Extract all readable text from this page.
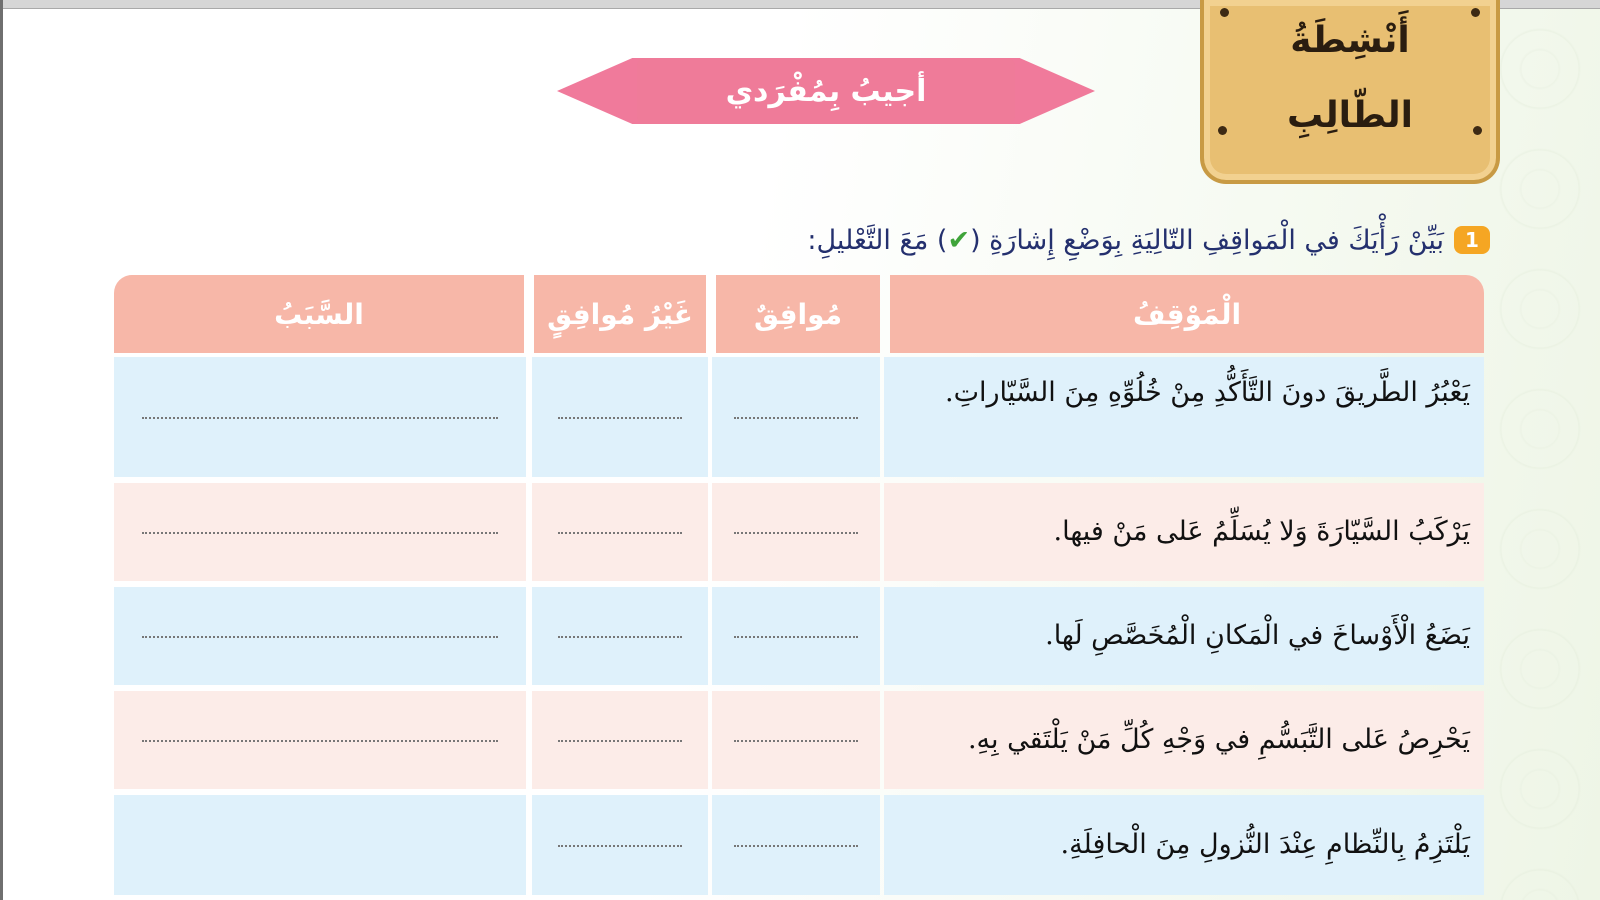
أجيبُ بِمُفْرَدي
أَنْشِطَةُ
الطّالِبِ
1
بَيِّنْ رَأْيَكَ في الْمَواقِفِ التّالِيَةِ بِوَضْعِ إِشارَةِ (✔) مَعَ التَّعْليلِ:
الْمَوْقِفُ
مُوافِقٌ
غَيْرُ مُوافِقٍ
السَّبَبُ
يَعْبُرُ الطَّريقَ دونَ التَّأَكُّدِ مِنْ خُلُوِّهِ مِنَ السَّيّاراتِ.
يَرْكَبُ السَّيّارَةَ وَلا يُسَلِّمُ عَلى مَنْ فيها.
يَضَعُ الْأَوْساخَ في الْمَكانِ الْمُخَصَّصِ لَها.
يَحْرِصُ عَلى التَّبَسُّمِ في وَجْهِ كُلِّ مَنْ يَلْتَقي بِهِ.
يَلْتَزِمُ بِالنِّظامِ عِنْدَ النُّزولِ مِنَ الْحافِلَةِ.
